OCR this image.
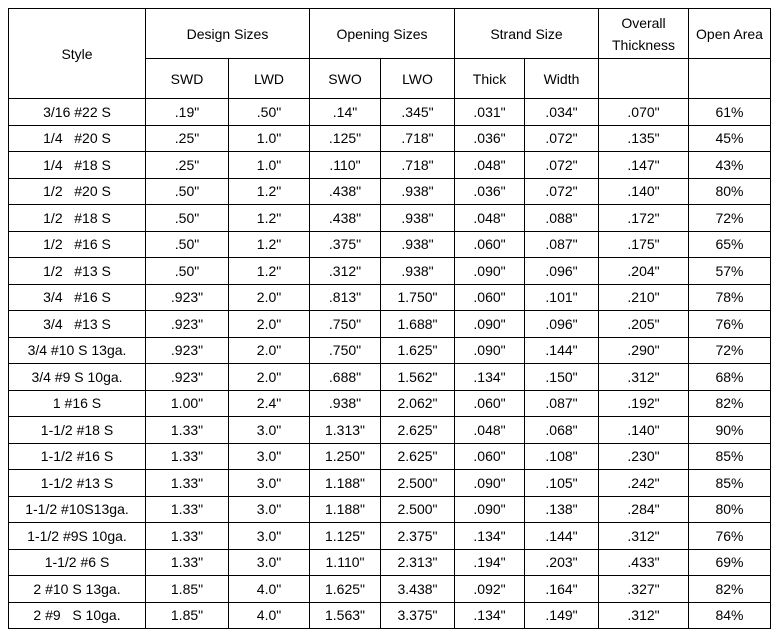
Style	Design Sizes		Opening Sizes		Strand Size		Overall Thickness	Open Area
	SWD	LWD	SWO	LWO	Thick	Width		
3/16 #22 S	.19"	.50"	.14"	.345"	.031"	.034"	.070"	61%
1/4   #20 S	.25"	1.0"	.125"	.718"	.036"	.072"	.135"	45%
1/4   #18 S	.25"	1.0"	.110"	.718"	.048"	.072"	.147"	43%
1/2   #20 S	.50"	1.2"	.438"	.938"	.036"	.072"	.140"	80%
1/2   #18 S	.50"	1.2"	.438"	.938"	.048"	.088"	.172"	72%
1/2   #16 S	.50"	1.2"	.375"	.938"	.060"	.087"	.175"	65%
1/2   #13 S	.50"	1.2"	.312"	.938"	.090"	.096"	.204"	57%
3/4   #16 S	.923"	2.0"	.813"	1.750"	.060"	.101"	.210"	78%
3/4   #13 S	.923"	2.0"	.750"	1.688"	.090"	.096"	.205"	76%
3/4 #10 S 13ga.	.923"	2.0"	.750"	1.625"	.090"	.144"	.290"	72%
3/4 #9 S 10ga.	.923"	2.0"	.688"	1.562"	.134"	.150"	.312"	68%
1 #16 S	1.00"	2.4"	.938"	2.062"	.060"	.087"	.192"	82%
1-1/2 #18 S	1.33"	3.0"	1.313"	2.625"	.048"	.068"	.140"	90%
1-1/2 #16 S	1.33"	3.0"	1.250"	2.625"	.060"	.108"	.230"	85%
1-1/2 #13 S	1.33"	3.0"	1.188"	2.500"	.090"	.105"	.242"	85%
1-1/2 #10S13ga.	1.33"	3.0"	1.188"	2.500"	.090"	.138"	.284"	80%
1-1/2 #9S 10ga.	1.33"	3.0"	1.125"	2.375"	.134"	.144"	.312"	76%
1-1/2 #6 S	1.33"	3.0"	1.110"	2.313"	.194"	.203"	.433"	69%
2 #10 S 13ga.	1.85"	4.0"	1.625"	3.438"	.092"	.164"	.327"	82%
2 #9   S 10ga.	1.85"	4.0"	1.563"	3.375"	.134"	.149"	.312"	84%
